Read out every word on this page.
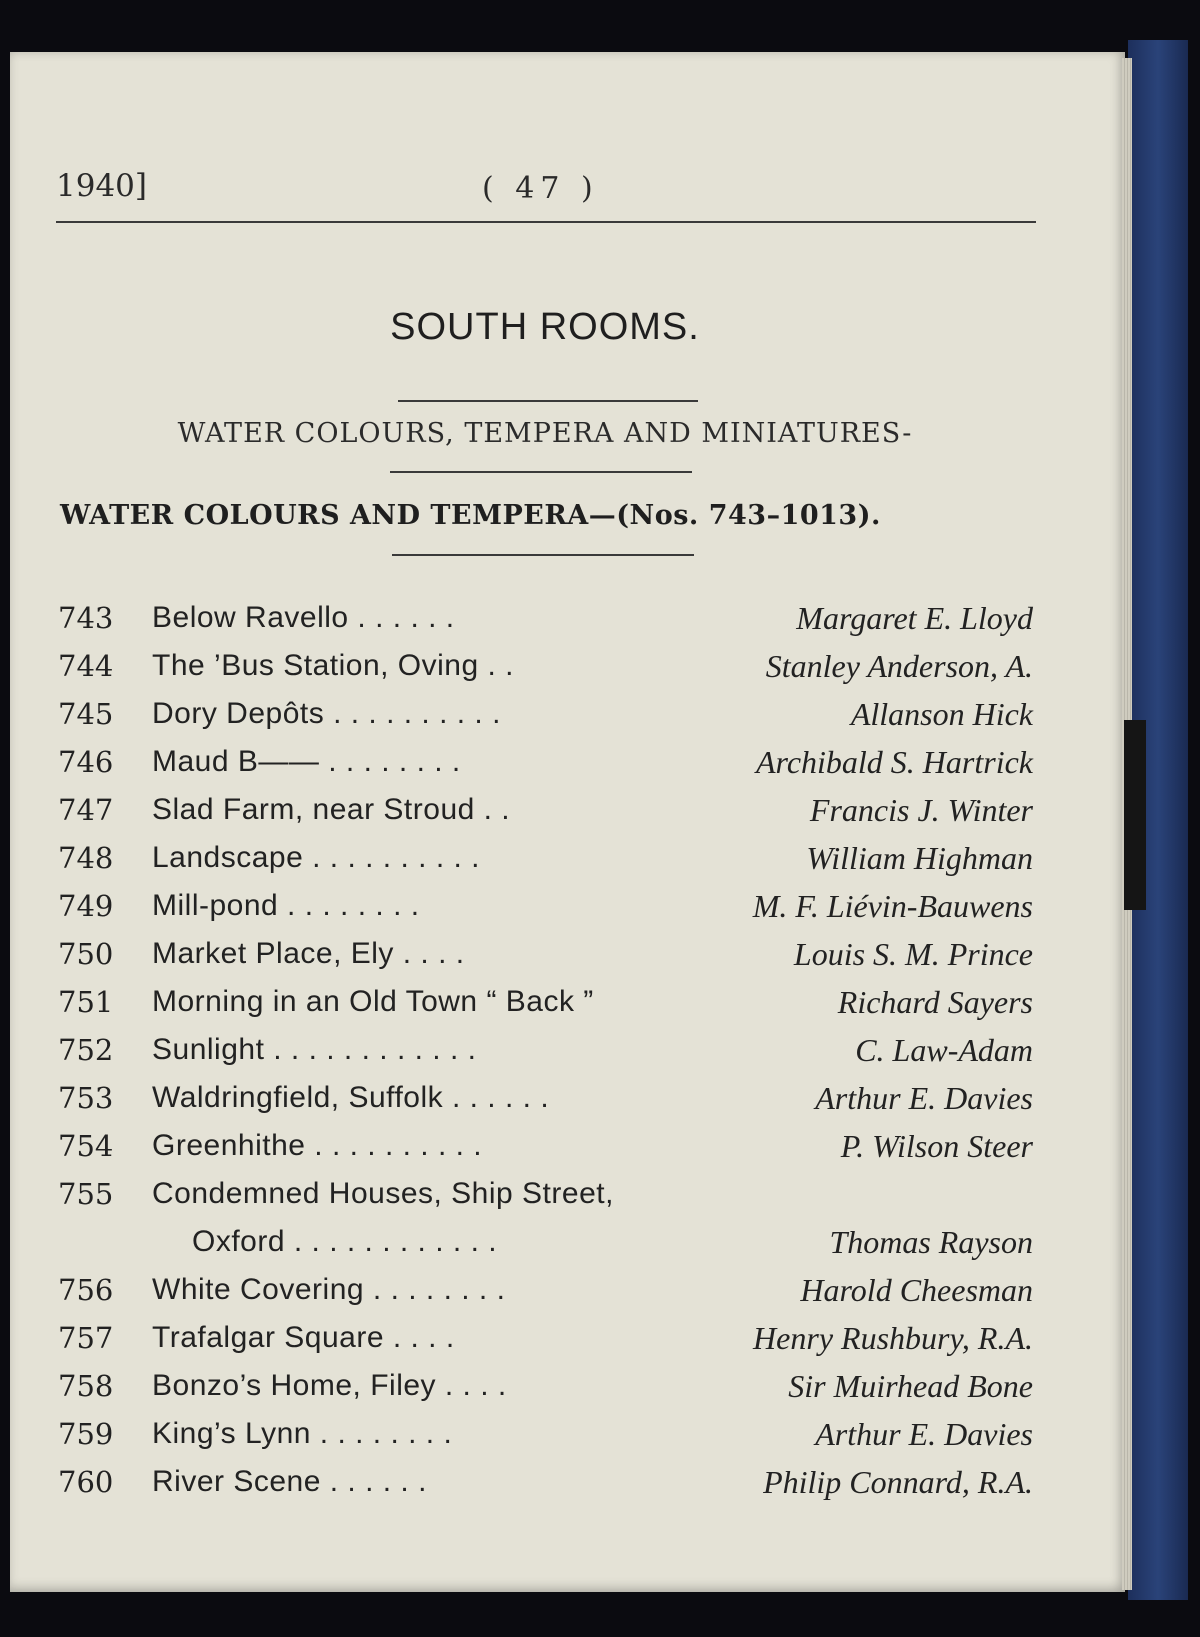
1940]	( 47 )
SOUTH ROOMS.
WATER COLOURS, TEMPERA AND MINIATURES-
WATER COLOURS AND TEMPERA—(Nos. 743–1013).
743	Below Ravello . . . . . .	Margaret E. Lloyd
744	The ’Bus Station, Oving . .	Stanley Anderson, A.
745	Dory Depôts . . . . . . . . . .	Allanson Hick
746	Maud B—— . . . . . . . .	Archibald S. Hartrick
747	Slad Farm, near Stroud . .	Francis J. Winter
748	Landscape . . . . . . . . . .	William Highman
749	Mill-pond . . . . . . . .	M. F. Liévin-Bauwens
750	Market Place, Ely . . . .	Louis S. M. Prince
751	Morning in an Old Town “ Back ”	Richard Sayers
752	Sunlight . . . . . . . . . . . .	C. Law-Adam
753	Waldringfield, Suffolk . . . . . .	Arthur E. Davies
754	Greenhithe . . . . . . . . . .	P. Wilson Steer
755	Condemned Houses, Ship Street,
Oxford . . . . . . . . . . . .	Thomas Rayson
756	White Covering . . . . . . . .	Harold Cheesman
757	Trafalgar Square . . . .	Henry Rushbury, R.A.
758	Bonzo’s Home, Filey . . . .	Sir Muirhead Bone
759	King’s Lynn . . . . . . . .	Arthur E. Davies
760	River Scene . . . . . .	Philip Connard, R.A.
